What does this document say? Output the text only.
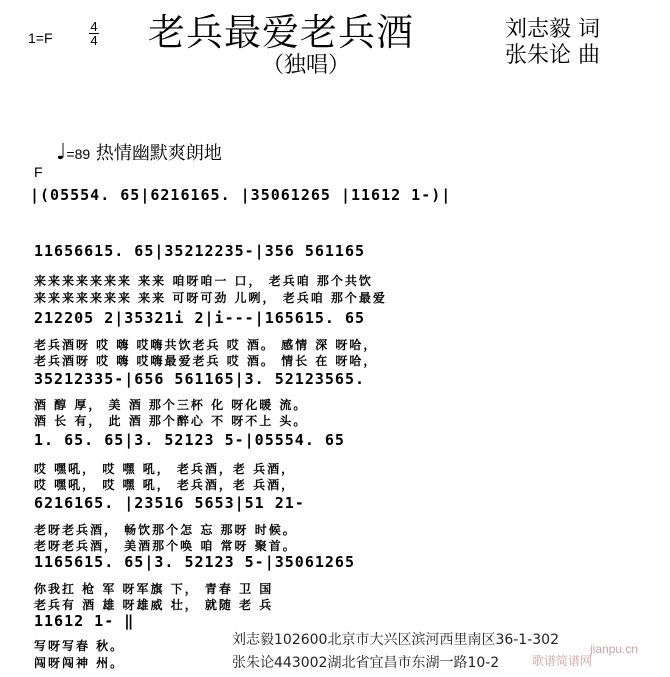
1=F
4
4 老兵最爱老兵酒
（独唱）
刘志毅 词
张朱论 曲
♩=89 热情幽默爽朗地
F
|(05554. 65|6216165. |35061265 |11612 1-)|
11656615. 65|35212235-|356 561165
来来来来来来来 来来 咱呀咱一 口， 老兵咱 那个共饮
来来来来来来来 来来 可呀可劲 儿咧， 老兵咱 那个最爱
212205 2|35321i 2|i---|165615. 65
老兵酒呀 哎 嗨 哎嗨共饮老兵 哎 酒。 感情 深 呀哈，
老兵酒呀 哎 嗨 哎嗨最爱老兵 哎 酒。 情长 在 呀哈，
35212335-|656 561165|3. 52123565.
酒 醇 厚， 美 酒 那个三杯 化 呀化暖 流。
酒 长 有， 此 酒 那个醉心 不 呀不上 头。
1. 65. 65|3. 52123 5-|05554. 65
哎 嘿吼， 哎 嘿 吼， 老兵酒，老 兵酒，
哎 嘿吼， 哎 嘿 吼， 老兵酒，老 兵酒，
6216165. |23516 5653|51 21-
老呀老兵酒， 畅饮那个怎 忘 那呀 时候。
老呀老兵酒， 美酒那个唤 咱 常呀 聚首。
1165615. 65|3. 52123 5-|35061265
你我扛 枪 军 呀军旗 下， 青春 卫 国
老兵有 酒 雄 呀雄威 壮， 就随 老 兵
11612 1- ‖
写呀写春 秋。
闯呀闯神 州。
刘志毅102600北京市大兴区滨河西里南区36-1-302
张朱论443002湖北省宜昌市东湖一路10-2	歌谱简谱网
jianpu.cn
